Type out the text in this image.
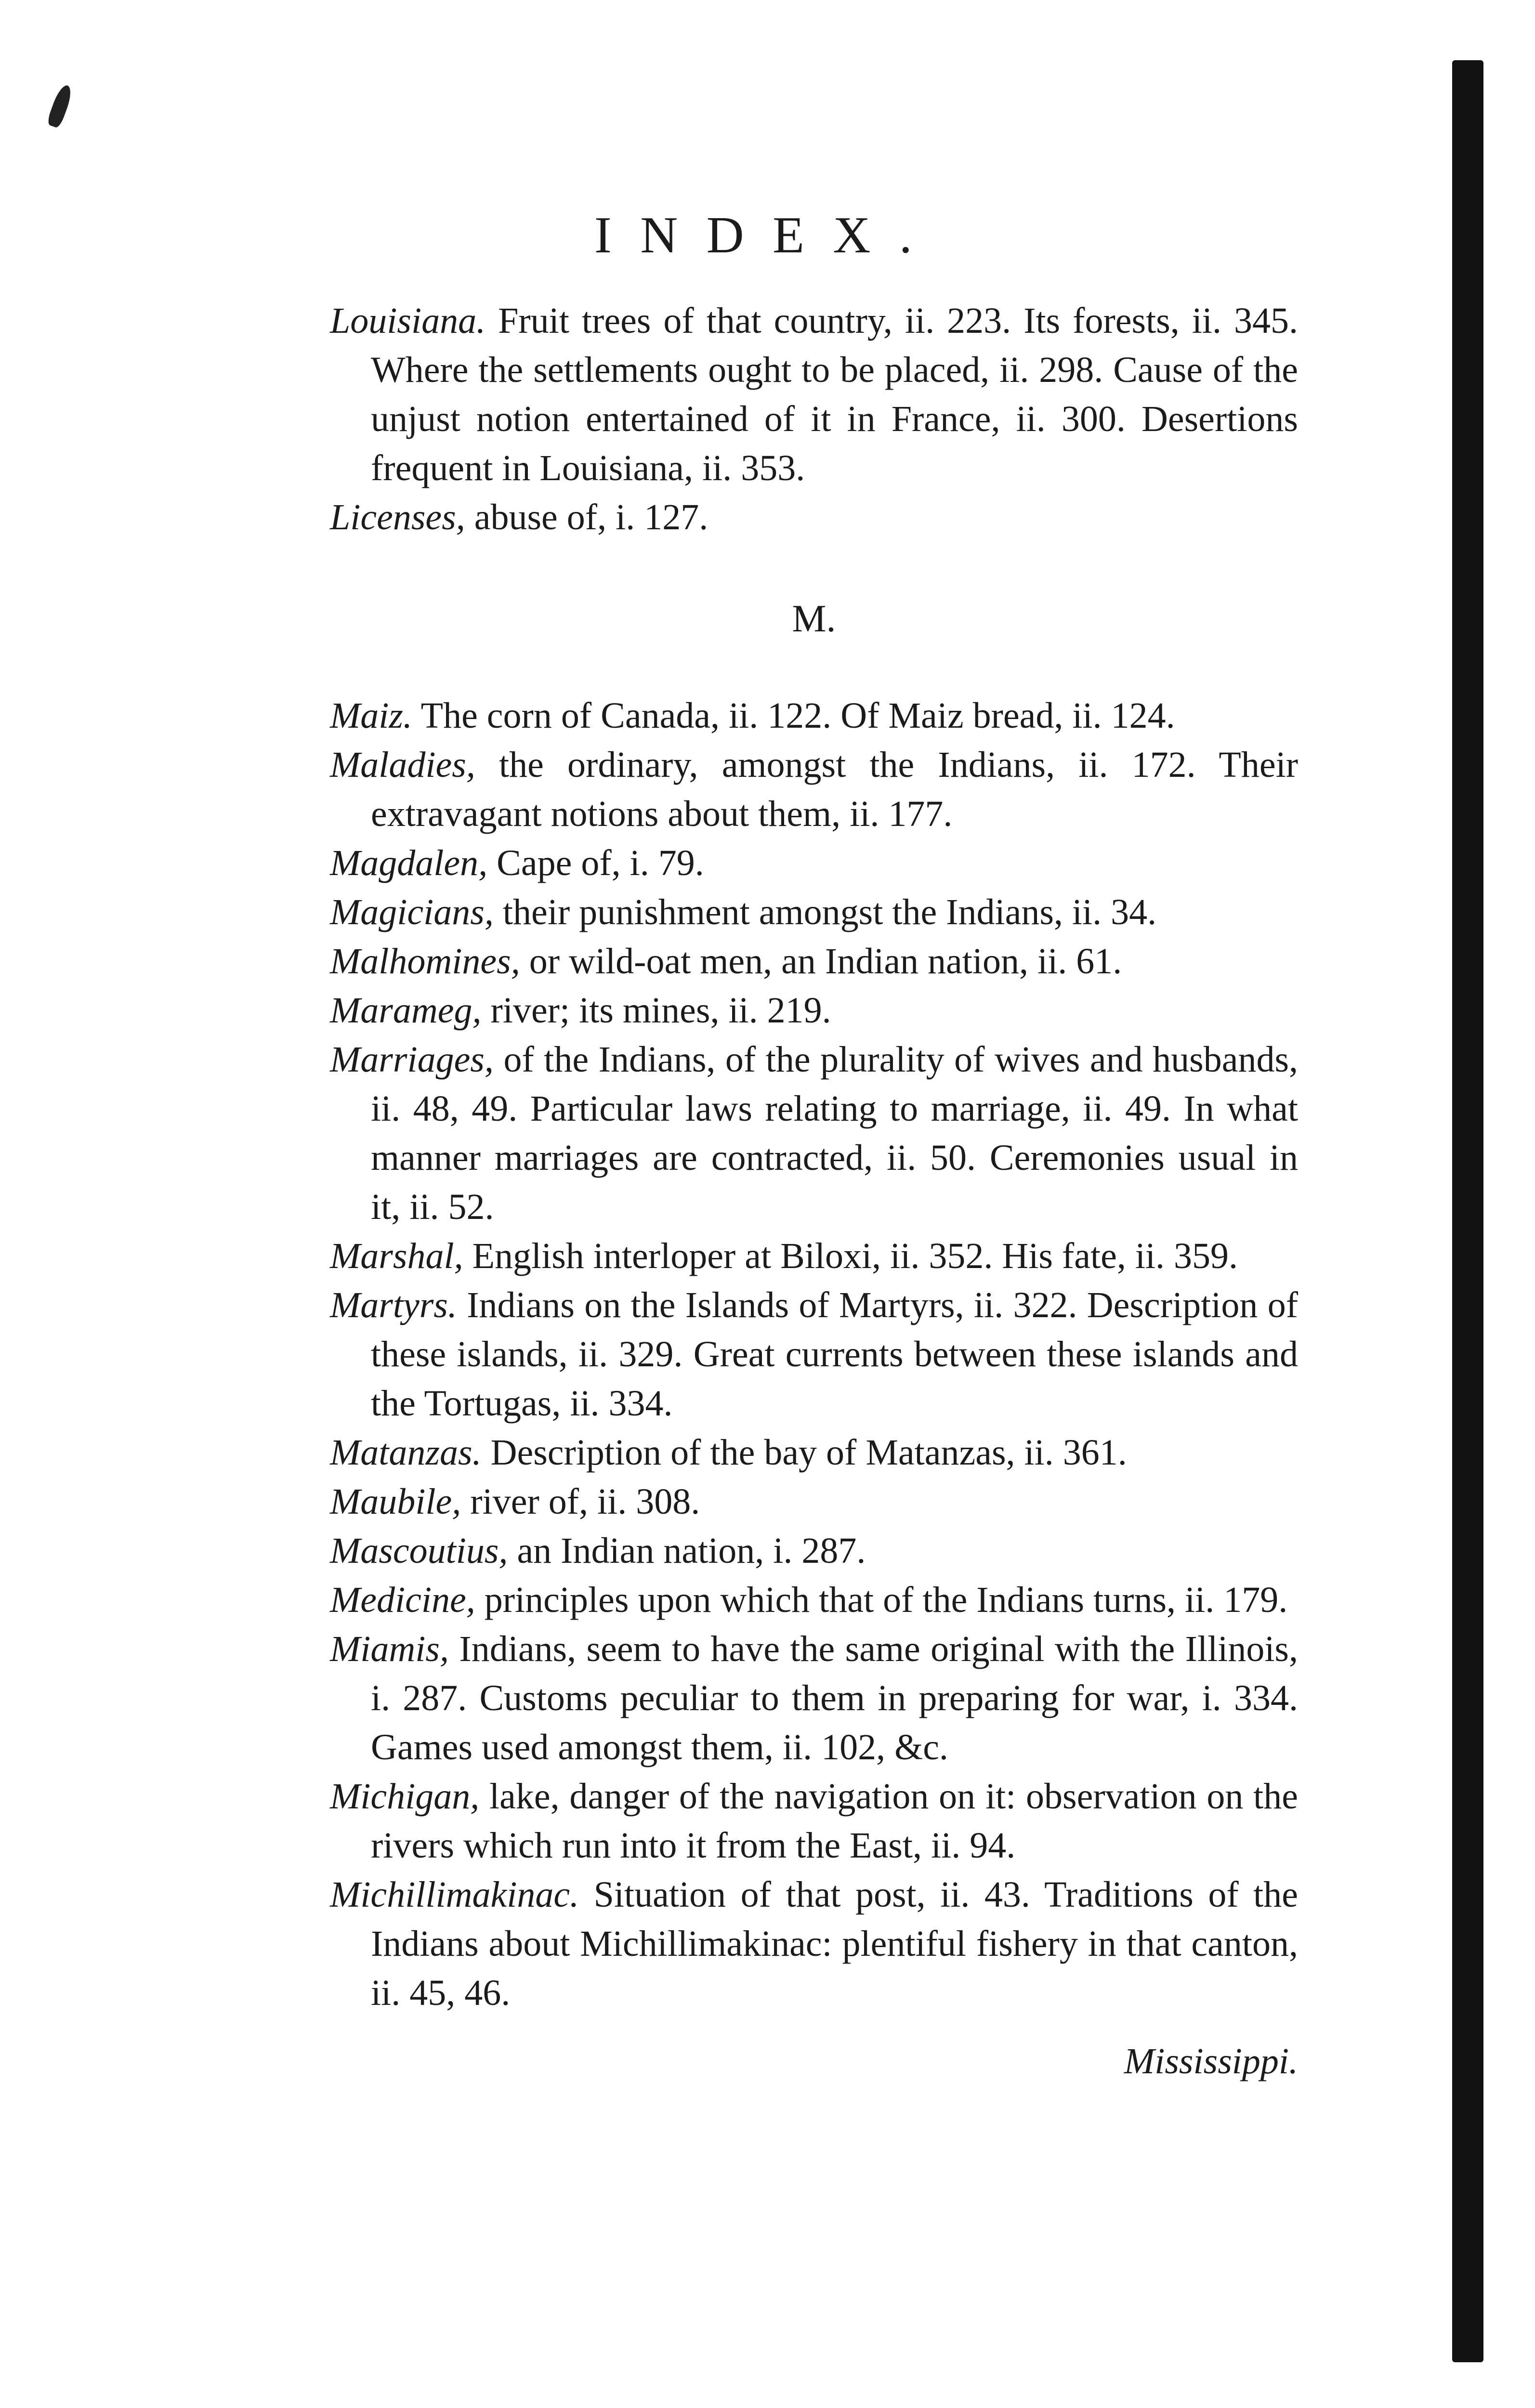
INDEX.

Louisiana. Fruit trees of that country, ii. 223. Its forests, ii. 345. Where the settlements ought to be placed, ii. 298. Cause of the unjust notion entertained of it in France, ii. 300. Desertions frequent in Louisiana, ii. 353.

Licenses, abuse of, i. 127.

M.

Maiz. The corn of Canada, ii. 122. Of Maiz bread, ii. 124.

Maladies, the ordinary, amongst the Indians, ii. 172. Their extravagant notions about them, ii. 177.

Magdalen, Cape of, i. 79.

Magicians, their punishment amongst the Indians, ii. 34.

Malhomines, or wild-oat men, an Indian nation, ii. 61.

Marameg, river; its mines, ii. 219.

Marriages, of the Indians, of the plurality of wives and husbands, ii. 48, 49. Particular laws relating to marriage, ii. 49. In what manner marriages are contracted, ii. 50. Ceremonies usual in it, ii. 52.

Marshal, English interloper at Biloxi, ii. 352. His fate, ii. 359.

Martyrs. Indians on the Islands of Martyrs, ii. 322. Description of these islands, ii. 329. Great currents between these islands and the Tortugas, ii. 334.

Matanzas. Description of the bay of Matanzas, ii. 361.

Maubile, river of, ii. 308.

Mascoutius, an Indian nation, i. 287.

Medicine, principles upon which that of the Indians turns, ii. 179.

Miamis, Indians, seem to have the same original with the Illinois, i. 287. Customs peculiar to them in preparing for war, i. 334. Games used amongst them, ii. 102, &c.

Michigan, lake, danger of the navigation on it: observation on the rivers which run into it from the East, ii. 94.

Michillimakinac. Situation of that post, ii. 43. Traditions of the Indians about Michillimakinac: plentiful fishery in that canton, ii. 45, 46.

Mississippi.
